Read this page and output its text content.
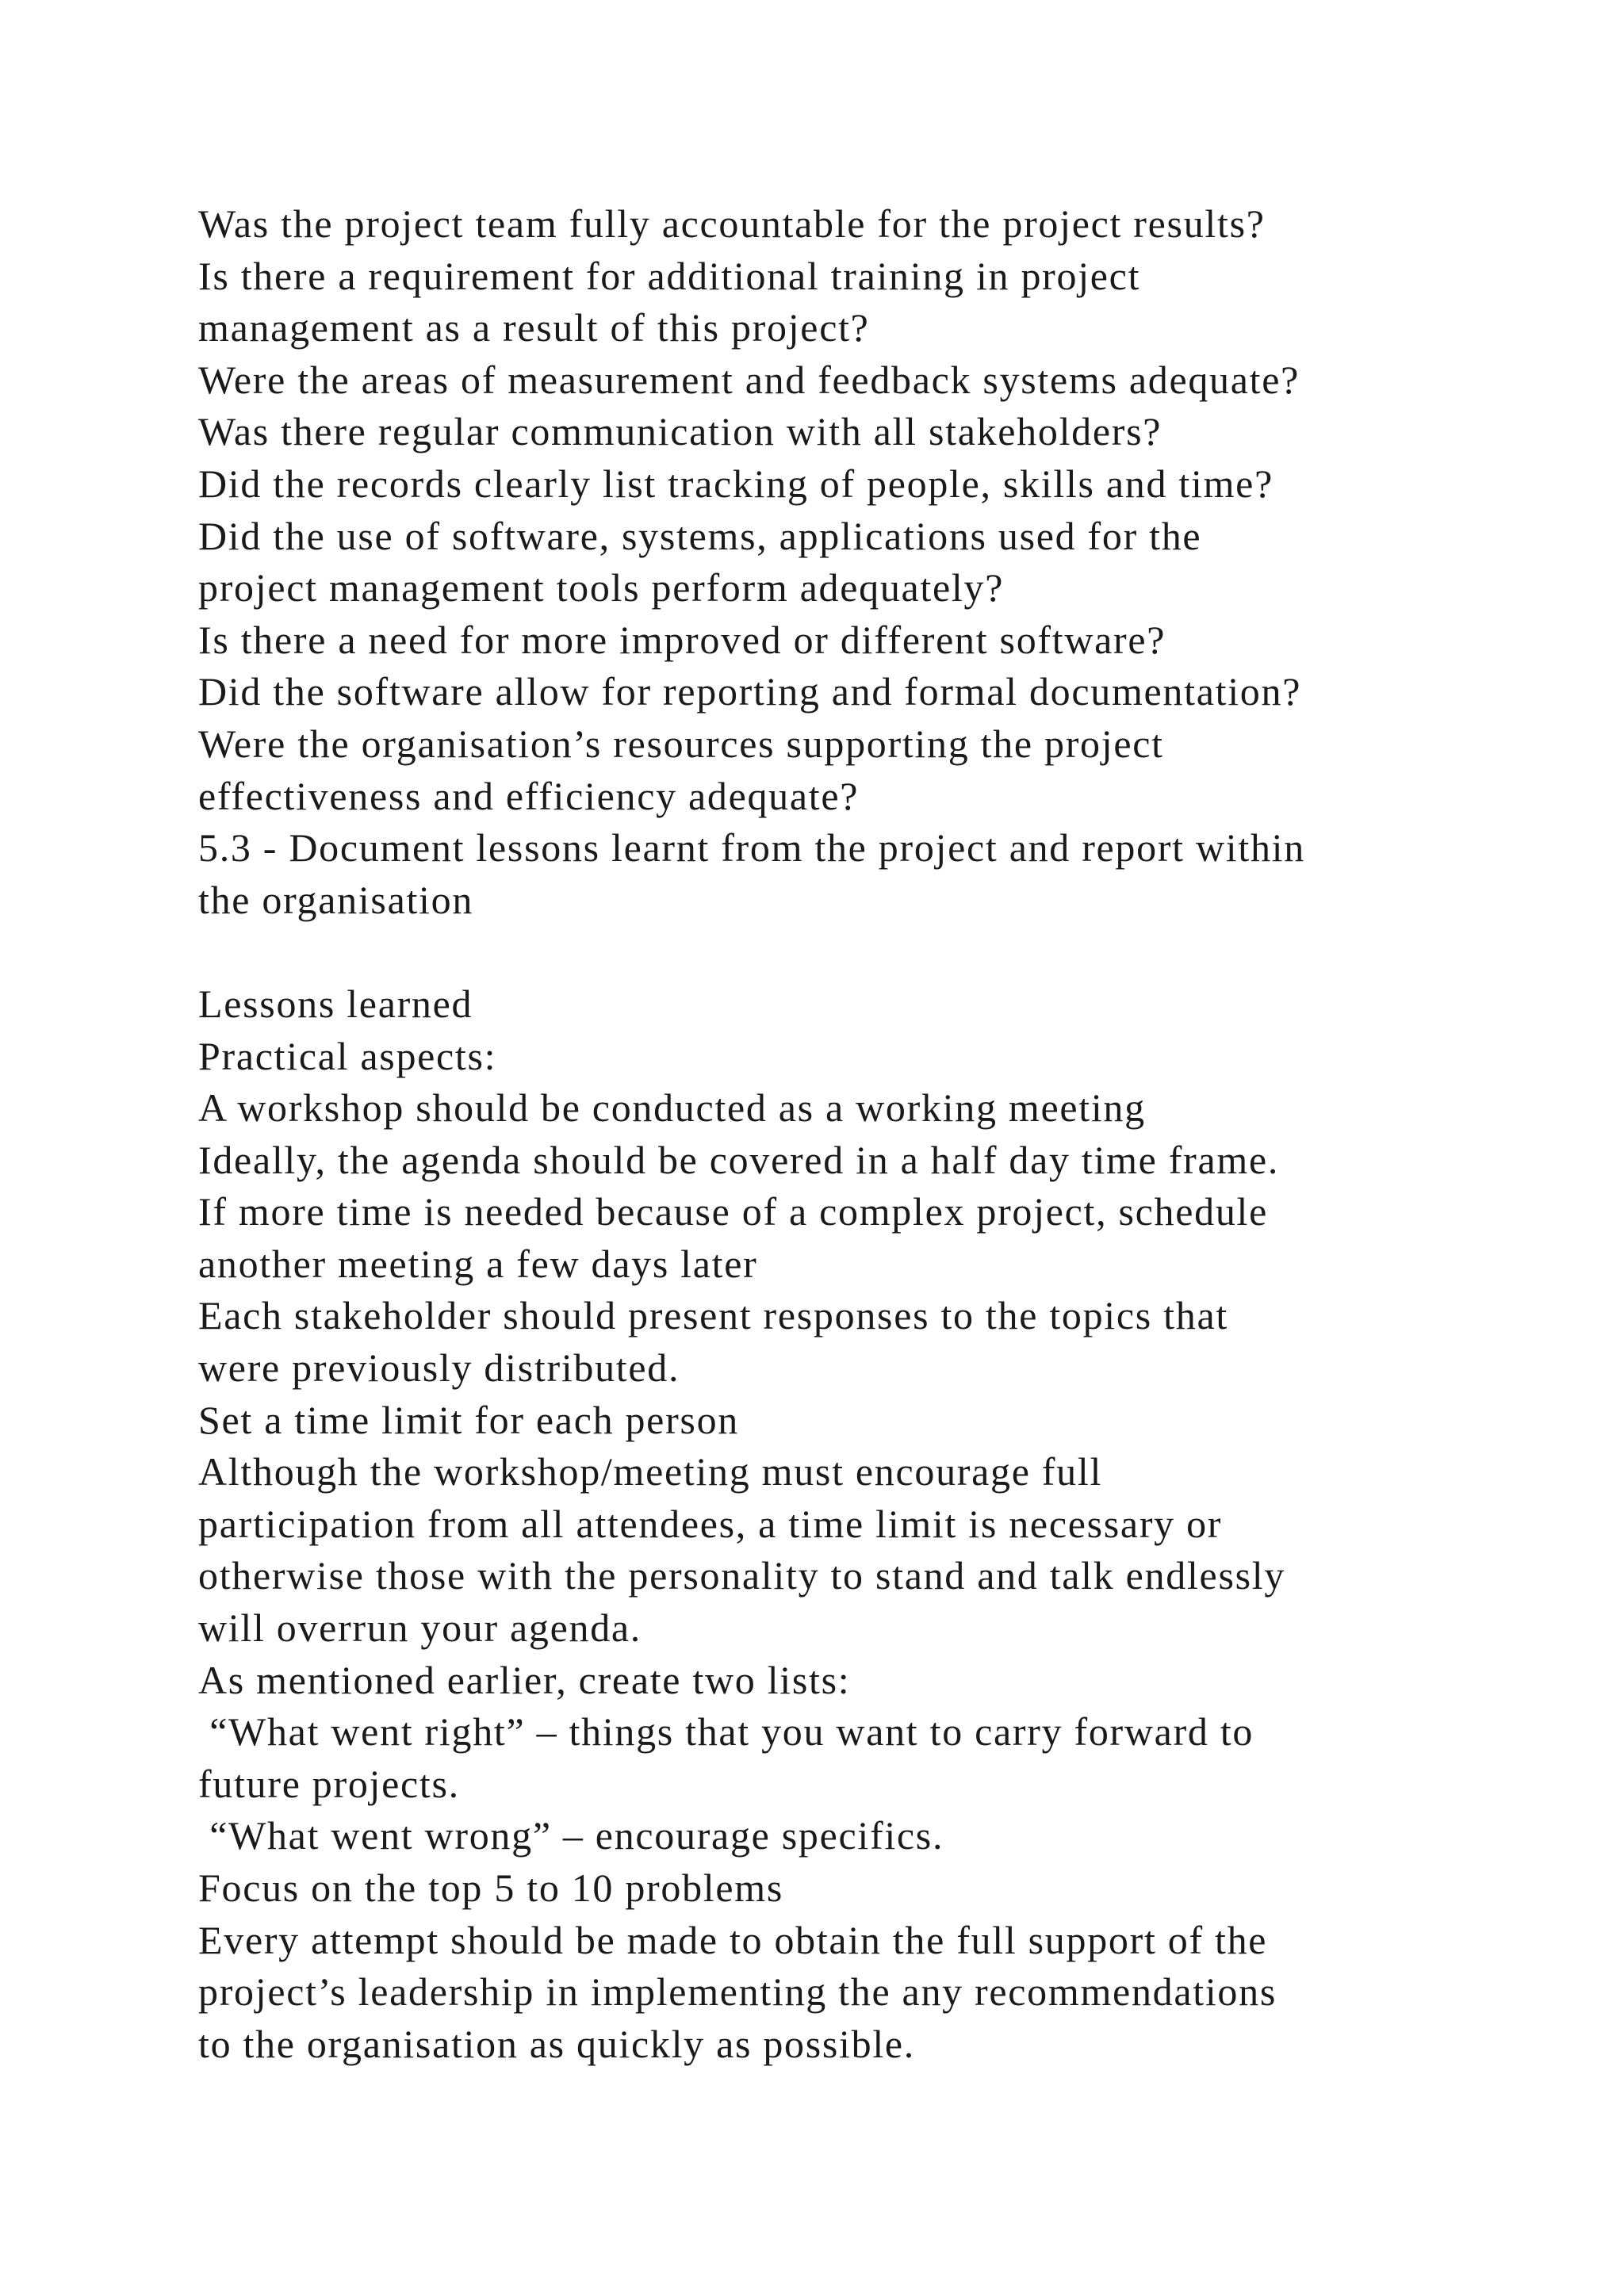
Was the project team fully accountable for the project results?
Is there a requirement for additional training in project
management as a result of this project?
Were the areas of measurement and feedback systems adequate?
Was there regular communication with all stakeholders?
Did the records clearly list tracking of people, skills and time?
Did the use of software, systems, applications used for the
project management tools perform adequately?
Is there a need for more improved or different software?
Did the software allow for reporting and formal documentation?
Were the organisation’s resources supporting the project
effectiveness and efficiency adequate?
5.3 - Document lessons learnt from the project and report within
the organisation
Lessons learned
Practical aspects:
A workshop should be conducted as a working meeting
Ideally, the agenda should be covered in a half day time frame.
If more time is needed because of a complex project, schedule
another meeting a few days later
Each stakeholder should present responses to the topics that
were previously distributed.
Set a time limit for each person
Although the workshop/meeting must encourage full
participation from all attendees, a time limit is necessary or
otherwise those with the personality to stand and talk endlessly
will overrun your agenda.
As mentioned earlier, create two lists:
“What went right” – things that you want to carry forward to
future projects.
“What went wrong” – encourage specifics.
Focus on the top 5 to 10 problems
Every attempt should be made to obtain the full support of the
project’s leadership in implementing the any recommendations
to the organisation as quickly as possible.
